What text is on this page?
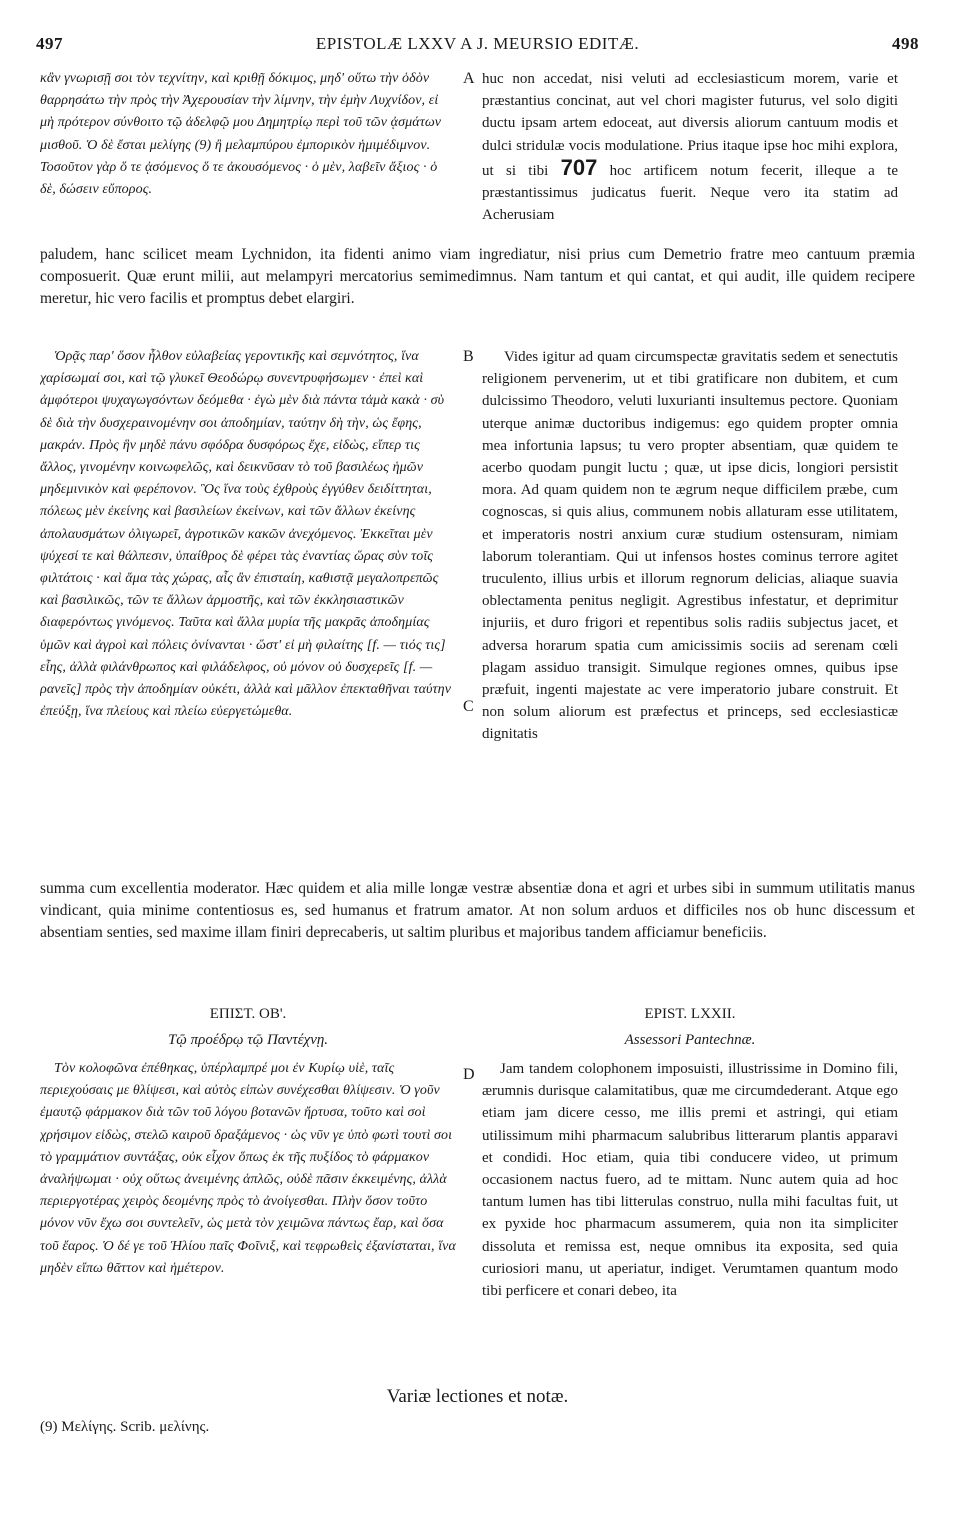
497	EPISTOLÆ LXXV A J. MEURSIO EDITÆ.	498

κἂν γνωρισῇ σοι τὸν τεχνίτην, καὶ κριθῇ δόκιμος, μηδ' οὕτω τὴν ὁδὸν θαρρησάτω τὴν πρὸς τὴν Ἀχερουσίαν τὴν λίμνην, τὴν ἐμὴν Λυχνίδον, εἰ μὴ πρότερον σύνθοιτο τῷ ἀδελφῷ μου Δημητρίῳ περὶ τοῦ τῶν ᾀσμάτων μισθοῦ. Ὁ δὲ ἔσται μελίγης (9) ἢ μελαμπύρου ἐμπορικὸν ἡμιμέδιμνον. Τοσοῦτον γὰρ ὅ τε ᾀσόμενος ὅ τε ἀκουσόμενος · ὁ μὲν, λαβεῖν ἄξιος · ὁ δὲ, δώσειν εὔπορος.

A huc non accedat, nisi veluti ad ecclesiasticum morem, varie et præstantius concinat, aut vel chori magister futurus, vel solo digiti ductu ipsam artem edoceat, aut diversis aliorum cantuum modis et dulci stridulæ vocis modulatione. Prius itaque ipse hoc mihi explora, ut si tibi 707 hoc artificem notum fecerit, illeque a te præstantissimus judicatus fuerit. Neque vero ita statim ad Acherusiam

paludem, hanc scilicet meam Lychnidon, ita fidenti animo viam ingrediatur, nisi prius cum Demetrio fratre meo cantuum præmia composuerit. Quæ erunt milii, aut melampyri mercatorius semimedimnus. Nam tantum et qui cantat, et qui audit, ille quidem recipere meretur, hic vero facilis et promptus debet elargiri.

Ὁρᾷς παρ' ὅσον ἦλθον εὐλαβείας γεροντικῆς καὶ σεμνότητος, ἵνα χαρίσωμαί σοι, καὶ τῷ γλυκεῖ Θεοδώρῳ συνεντρυφήσωμεν · ἐπεὶ καὶ ἀμφότεροι ψυχαγωγσόντων δεόμεθα · ἐγὼ μὲν διὰ πάντα τἀμὰ κακὰ · σὺ δὲ διὰ τὴν δυσχεραινομένην σοι ἀποδημίαν, ταύτην δὴ τὴν, ὡς ἔφης, μακράν. Πρὸς ἣν μηδὲ πάνυ σφόδρα δυσφόρως ἔχε, εἰδὼς, εἴπερ τις ἄλλος, γινομένην κοινωφελῶς, καὶ δεικνῦσαν τὸ τοῦ βασιλέως ἡμῶν μηδεμινικὸν καὶ φερέπονον. Ὃς ἵνα τοὺς ἐχθροὺς ἐγγύθεν δειδίττηται, πόλεως μὲν ἐκείνης καὶ βασιλείων ἐκείνων, καὶ τῶν ἄλλων ἐκείνης ἀπολαυσμάτων ὀλιγωρεῖ, ἀγροτικῶν κακῶν ἀνεχόμενος. Ἐκκεῖται μὲν ψύχεσί τε καὶ θάλπεσιν, ὑπαίθρος δὲ φέρει τὰς ἐναντίας ὥρας σὺν τοῖς φιλτάτοις · καὶ ἅμα τὰς χώρας, αἷς ἂν ἐπισταίη, καθιστᾷ μεγαλοπρεπῶς καὶ βασιλικῶς, τῶν τε ἄλλων ἁρμοστῆς, καὶ τῶν ἐκκλησιαστικῶν διαφερόντως γινόμενος. Ταῦτα καὶ ἄλλα μυρία τῆς μακρᾶς ἀποδημίας ὑμῶν καὶ ἀγροὶ καὶ πόλεις ὀνίνανται · ὥστ' εἰ μὴ φιλαίτης [f. — τιός τις] εἶης, ἀλλὰ φιλάνθρωπος καὶ φιλάδελφος, οὐ μόνον οὐ δυσχερεῖς [f. — ρανεῖς] πρὸς τὴν ἀποδημίαν οὐκέτι, ἀλλὰ καὶ μᾶλλον ἐπεκταθῆναι ταύτην ἐπεύξῃ, ἵνα πλείους καὶ πλείω εὐεργετώμεθα.

B
C

Vides igitur ad quam circumspectæ gravitatis sedem et senectutis religionem pervenerim, ut et tibi gratificare non dubitem, et cum dulcissimo Theodoro, veluti luxurianti insultemus pectore. Quoniam uterque animæ ductoribus indigemus: ego quidem propter omnia mea infortunia lapsus; tu vero propter absentiam, quæ quidem te acerbo quodam pungit luctu ; quæ, ut ipse dicis, longiori persistit mora. Ad quam quidem non te ægrum neque difficilem præbe, cum cognoscas, si quis alius, communem nobis allaturam esse utilitatem, et imperatoris nostri anxium curæ studium ostensuram, nimiam laborum tolerantiam. Qui ut infensos hostes cominus terrore agitet truculento, illius urbis et illorum regnorum delicias, aliaque suavia oblectamenta penitus negligit. Agrestibus infestatur, et deprimitur injuriis, et duro frigori et repentibus solis radiis subjectus jacet, et adversa horarum spatia cum amicissimis sociis ad serenam cœli plagam assiduo transigit. Simulque regiones omnes, quibus ipse præfuit, ingenti majestate ac vere imperatorio jubare construit. Et non solum aliorum est præfectus et princeps, sed ecclesiasticæ dignitatis

summa cum excellentia moderator. Hæc quidem et alia mille longæ vestræ absentiæ dona et agri et urbes sibi in summum utilitatis manus vindicant, quia minime contentiosus es, sed humanus et fratrum amator. At non solum arduos et difficiles nos ob hunc discessum et absentiam senties, sed maxime illam finiri deprecaberis, ut saltim pluribus et majoribus tandem afficiamur beneficiis.

ΕΠΙΣΤ. ΟΒ'.
Τῷ προέδρῳ τῷ Παντέχνῃ.
EPIST. LXXII.
Assessori Pantechnæ.

Τὸν κολοφῶνα ἐπέθηκας, ὑπέρλαμπρέ μοι ἐν Κυρίῳ υἱὲ, ταῖς περιεχούσαις με θλίψεσι, καὶ αὐτὸς εἰπὼν συνέχεσθαι θλίψεσιν. Ὁ γοῦν ἐμαυτῷ φάρμακον διὰ τῶν τοῦ λόγου βοτανῶν ἤρτυσα, τοῦτο καὶ σοὶ χρήσιμον εἰδὼς, στελῶ καιροῦ δραξάμενος · ὡς νῦν γε ὑπὸ φωτὶ τουτὶ σοι τὸ γραμμάτιον συντάξας, οὐκ εἶχον ὅπως ἐκ τῆς πυξίδος τὸ φάρμακον ἀναλήψωμαι · οὐχ οὕτως ἀνειμένης ἁπλῶς, οὐδὲ πᾶσιν ἐκκειμένης, ἀλλὰ περιεργοτέρας χειρὸς δεομένης πρὸς τὸ ἀνοίγεσθαι. Πλὴν ὅσον τοῦτο μόνον νῦν ἔχω σοι συντελεῖν, ὡς μετὰ τὸν χειμῶνα πάντως ἔαρ, καὶ ὅσα τοῦ ἔαρος. Ὁ δέ γε τοῦ Ἡλίου παῖς Φοῖνιξ, καὶ τεφρωθεὶς ἐξανίσταται, ἵνα μηδὲν εἴπω θᾶττον καὶ ἡμέτερον.

D	Jam tandem colophonem imposuisti, illustrissime in Domino fili, ærumnis durisque calamitatibus, quæ me circumdederant. Atque ego etiam jam dicere cesso, me illis premi et astringi, qui etiam utilissimum mihi pharmacum salubribus litterarum plantis apparavi et condidi. Hoc etiam, quia tibi conducere video, ut primum occasionem nactus fuero, ad te mittam. Nunc autem quia ad hoc tantum lumen has tibi litterulas construo, nulla mihi facultas fuit, ut ex pyxide hoc pharmacum assumerem, quia non ita simpliciter dissoluta et remissa est, neque omnibus ita exposita, sed quia curiosiori manu, ut aperiatur, indiget. Verumtamen quantum modo tibi perficere et conari debeo, ita

Variæ lectiones et notæ.
(9) Μελίγης. Scrib. μελίνης.
